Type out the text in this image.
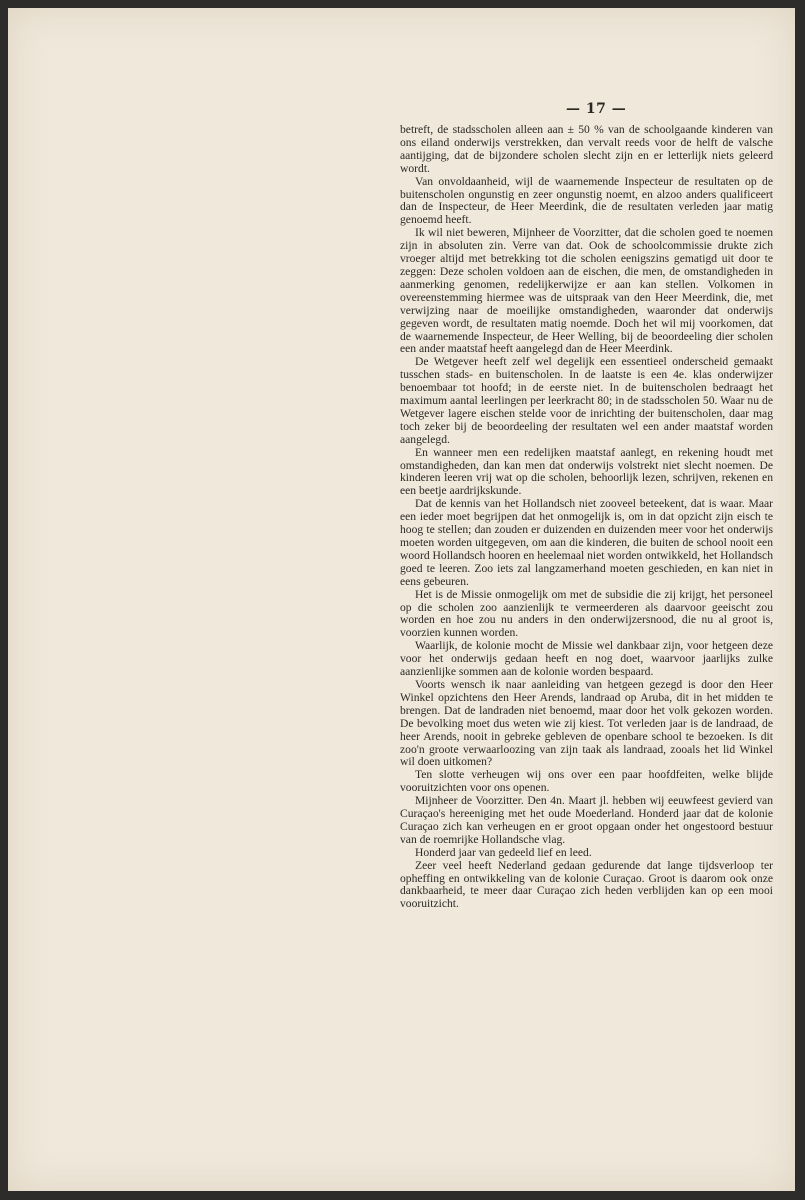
— 17 —

betreft, de stadsscholen alleen aan ± 50 % van de schoolgaande kinderen van ons eiland onderwijs verstrekken, dan vervalt reeds voor de helft de valsche aantijging, dat de bijzondere scholen slecht zijn en er letterlijk niets geleerd wordt.

Van onvoldaanheid, wijl de waarnemende Inspecteur de resultaten op de buitenscholen ongunstig en zeer ongunstig noemt, en alzoo anders qualificeert dan de Inspecteur, de Heer Meerdink, die de resultaten verleden jaar matig genoemd heeft.

Ik wil niet beweren, Mijnheer de Voorzitter, dat die scholen goed te noemen zijn in absoluten zin. Verre van dat. Ook de schoolcommissie drukte zich vroeger altijd met betrekking tot die scholen eenigszins gematigd uit door te zeggen: Deze scholen voldoen aan de eischen, die men, de omstandigheden in aanmerking genomen, redelijkerwijze er aan kan stellen. Volkomen in overeenstemming hiermee was de uitspraak van den Heer Meerdink, die, met verwijzing naar de moeilijke omstandigheden, waaronder dat onderwijs gegeven wordt, de resultaten matig noemde. Doch het wil mij voorkomen, dat de waarnemende Inspecteur, de Heer Welling, bij de beoordeeling dier scholen een ander maatstaf heeft aangelegd dan de Heer Meerdink.

De Wetgever heeft zelf wel degelijk een essentieel onderscheid gemaakt tusschen stads- en buitenscholen. In de laatste is een 4e. klas onderwijzer benoembaar tot hoofd; in de eerste niet. In de buitenscholen bedraagt het maximum aantal leerlingen per leerkracht 80; in de stadsscholen 50. Waar nu de Wetgever lagere eischen stelde voor de inrichting der buitenscholen, daar mag toch zeker bij de beoordeeling der resultaten wel een ander maatstaf worden aangelegd.

En wanneer men een redelijken maatstaf aanlegt, en rekening houdt met omstandigheden, dan kan men dat onderwijs volstrekt niet slecht noemen. De kinderen leeren vrij wat op die scholen, behoorlijk lezen, schrijven, rekenen en een beetje aardrijkskunde.

Dat de kennis van het Hollandsch niet zooveel beteekent, dat is waar. Maar een ieder moet begrijpen dat het onmogelijk is, om in dat opzicht zijn eisch te hoog te stellen; dan zouden er duizenden en duizenden meer voor het onderwijs moeten worden uitgegeven, om aan die kinderen, die buiten de school nooit een woord Hollandsch hooren en heelemaal niet worden ontwikkeld, het Hollandsch goed te leeren. Zoo iets zal langzamerhand moeten geschieden, en kan niet in eens gebeuren.

Het is de Missie onmogelijk om met de subsidie die zij krijgt, het personeel op die scholen zoo aanzienlijk te vermeerderen als daarvoor geeischt zou worden en hoe zou nu anders in den onderwijzersnood, die nu al groot is, voorzien kunnen worden.

Waarlijk, de kolonie mocht de Missie wel dankbaar zijn, voor hetgeen deze voor het onderwijs gedaan heeft en nog doet, waarvoor jaarlijks zulke aanzienlijke sommen aan de kolonie worden bespaard.

Voorts wensch ik naar aanleiding van hetgeen gezegd is door den Heer Winkel opzichtens den Heer Arends, landraad op Aruba, dit in het midden te brengen. Dat de landraden niet benoemd, maar door het volk gekozen worden. De bevolking moet dus weten wie zij kiest. Tot verleden jaar is de landraad, de heer Arends, nooit in gebreke gebleven de openbare school te bezoeken. Is dit zoo'n groote verwaarloozing van zijn taak als landraad, zooals het lid Winkel wil doen uitkomen?

Ten slotte verheugen wij ons over een paar hoofdfeiten, welke blijde vooruitzichten voor ons openen.

Mijnheer de Voorzitter. Den 4n. Maart jl. hebben wij eeuwfeest gevierd van Curaçao's hereeniging met het oude Moederland. Honderd jaar dat de kolonie Curaçao zich kan verheugen en er groot opgaan onder het ongestoord bestuur van de roemrijke Hollandsche vlag.

Honderd jaar van gedeeld lief en leed.

Zeer veel heeft Nederland gedaan gedurende dat lange tijdsverloop ter opheffing en ontwikkeling van de kolonie Curaçao. Groot is daarom ook onze dankbaarheid, te meer daar Curaçao zich heden verblijden kan op een mooi vooruitzicht.
